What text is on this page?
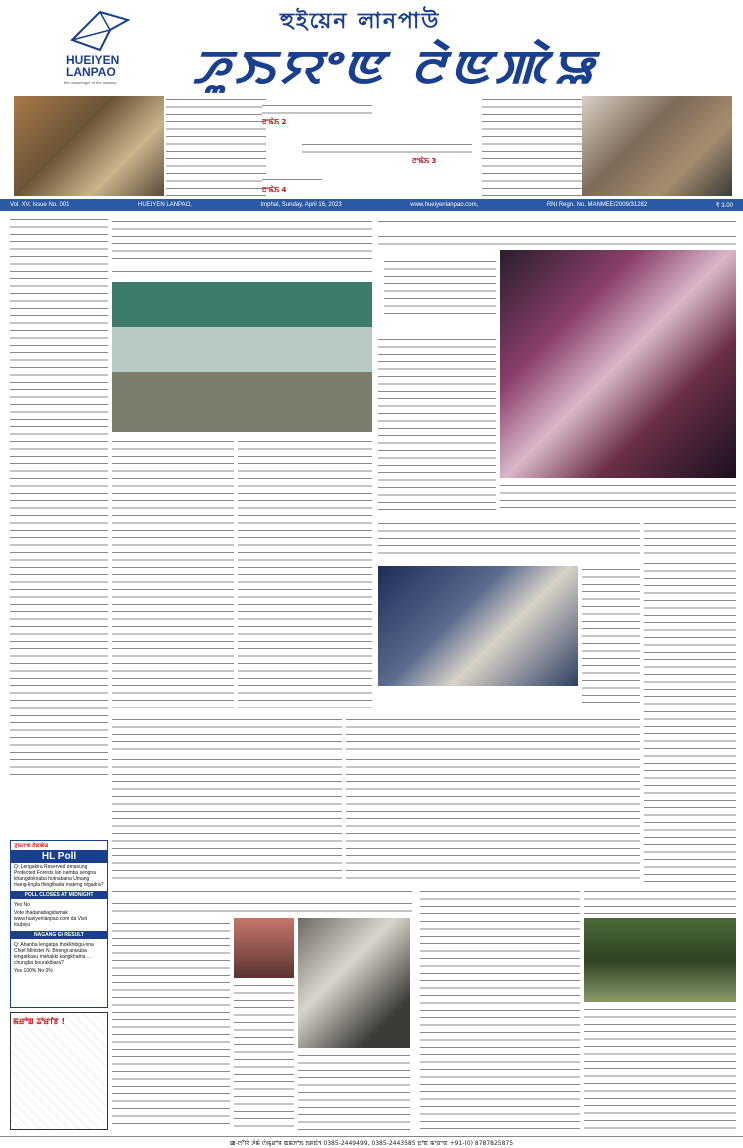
HUEIYEN LANPAO
the messenger of the masses
হুইয়েন লানপাউ
ꯍꯨꯏꯌꯦꯟ ꯂꯥꯟꯄꯥꯎ
ꯂꯦꯃꯥꯏ 2
ꯂꯦꯃꯥꯏ 3
ꯂꯦꯃꯥꯏ 4
Vol. XV, Issue No. 001	HUEIYEN LANPAO,	Imphal, Sunday, April 16, 2023	www.hueiyenlanpao.com,	RNI Regn. No. MANMEE/2009/31282	₹ 3.00

ꯍꯨꯏꯌꯦꯟ ꯂꯥꯟꯄꯥꯎ

HL Poll

Q: Lengakira Reserved amasung Protected Forests lan namba sengna khangdoknaba hotnabana Umang mang-lingla thinglbada mateng otgadra?

POLL CLOSES AT MIDNIGHT

Yes No

Vote thadanabagidamak www.hueiyenlanpao.com da Visit toubiyu

NAGANG GI RESULT

Q: Ahanba lengatpa thokkhibgu-nna Chief Minister N. Birengi anisuba lengatkasu mahakki kangkhatna ... chungba bourakibara?

Yes 100% No 0%

ꯃꯔꯣꯡ ꯊꯣꯔꯤꯕ !
ꯀ-ꯁꯧꯌꯥ ꯍꯥꯃꯥ ꯁꯥꯃꯨꯔꯣꯝ ꯑꯃꯈꯣꯏ ꯏꯝꯐꯥꯜ 0385-2449499, 0385-2443585 ꯐꯣꯟ ꯃꯦꯔꯦꯟ +91-(0) 8787825875
